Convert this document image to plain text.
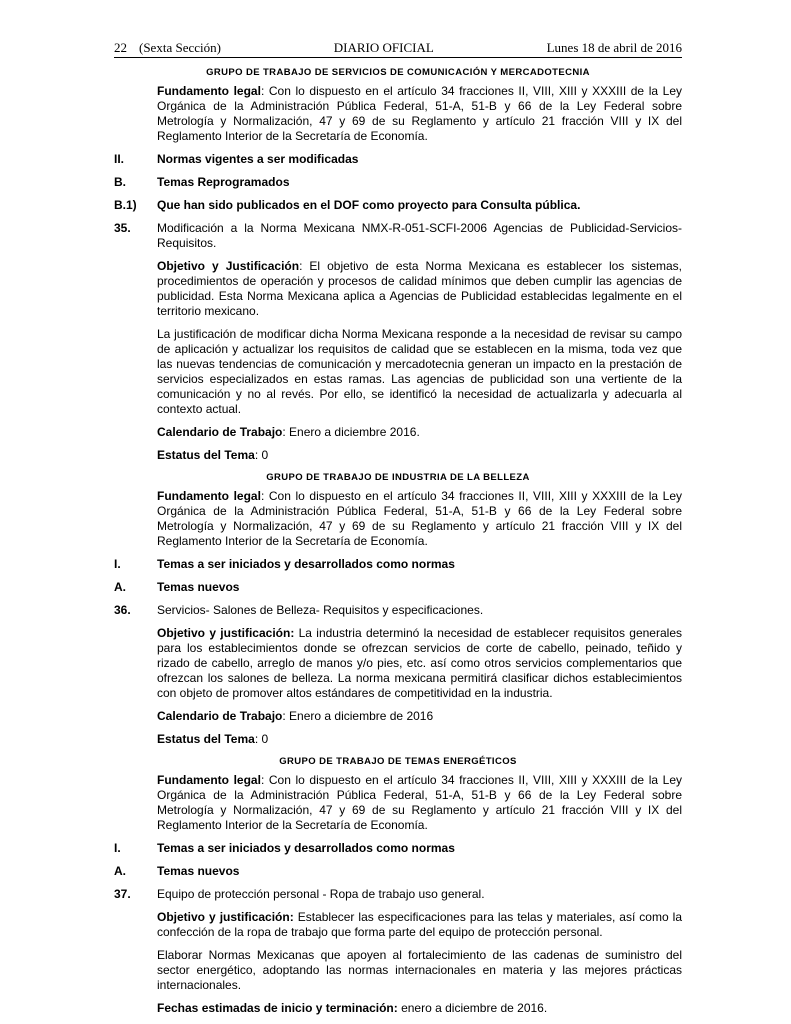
22 (Sexta Sección)	DIARIO OFICIAL	Lunes 18 de abril de 2016
GRUPO DE TRABAJO DE SERVICIOS DE COMUNICACIÓN Y MERCADOTECNIA
Fundamento legal: Con lo dispuesto en el artículo 34 fracciones II, VIII, XIII y XXXIII de la Ley Orgánica de la Administración Pública Federal, 51-A, 51-B y 66 de la Ley Federal sobre Metrología y Normalización, 47 y 69 de su Reglamento y artículo 21 fracción VIII y IX del Reglamento Interior de la Secretaría de Economía.
II.	Normas vigentes a ser modificadas
B.	Temas Reprogramados
B.1)	Que han sido publicados en el DOF como proyecto para Consulta pública.
35.	Modificación a la Norma Mexicana NMX-R-051-SCFI-2006 Agencias de Publicidad-Servicios-Requisitos.
Objetivo y Justificación: El objetivo de esta Norma Mexicana es establecer los sistemas, procedimientos de operación y procesos de calidad mínimos que deben cumplir las agencias de publicidad. Esta Norma Mexicana aplica a Agencias de Publicidad establecidas legalmente en el territorio mexicano.
La justificación de modificar dicha Norma Mexicana responde a la necesidad de revisar su campo de aplicación y actualizar los requisitos de calidad que se establecen en la misma, toda vez que las nuevas tendencias de comunicación y mercadotecnia generan un impacto en la prestación de servicios especializados en estas ramas. Las agencias de publicidad son una vertiente de la comunicación y no al revés. Por ello, se identificó la necesidad de actualizarla y adecuarla al contexto actual.
Calendario de Trabajo: Enero a diciembre 2016.
Estatus del Tema: 0
GRUPO DE TRABAJO DE INDUSTRIA DE LA BELLEZA
Fundamento legal: Con lo dispuesto en el artículo 34 fracciones II, VIII, XIII y XXXIII de la Ley Orgánica de la Administración Pública Federal, 51-A, 51-B y 66 de la Ley Federal sobre Metrología y Normalización, 47 y 69 de su Reglamento y artículo 21 fracción VIII y IX del Reglamento Interior de la Secretaría de Economía.
I.	Temas a ser iniciados y desarrollados como normas
A.	Temas nuevos
36.	Servicios- Salones de Belleza- Requisitos y especificaciones.
Objetivo y justificación: La industria determinó la necesidad de establecer requisitos generales para los establecimientos donde se ofrezcan servicios de corte de cabello, peinado, teñido y rizado de cabello, arreglo de manos y/o pies, etc. así como otros servicios complementarios que ofrezcan los salones de belleza. La norma mexicana permitirá clasificar dichos establecimientos con objeto de promover altos estándares de competitividad en la industria.
Calendario de Trabajo: Enero a diciembre de 2016
Estatus del Tema: 0
GRUPO DE TRABAJO DE TEMAS ENERGÉTICOS
Fundamento legal: Con lo dispuesto en el artículo 34 fracciones II, VIII, XIII y XXXIII de la Ley Orgánica de la Administración Pública Federal, 51-A, 51-B y 66 de la Ley Federal sobre Metrología y Normalización, 47 y 69 de su Reglamento y artículo 21 fracción VIII y IX del Reglamento Interior de la Secretaría de Economía.
I.	Temas a ser iniciados y desarrollados como normas
A.	Temas nuevos
37.	Equipo de protección personal - Ropa de trabajo uso general.
Objetivo y justificación: Establecer las especificaciones para las telas y materiales, así como la confección de la ropa de trabajo que forma parte del equipo de protección personal.
Elaborar Normas Mexicanas que apoyen al fortalecimiento de las cadenas de suministro del sector energético, adoptando las normas internacionales en materia y las mejores prácticas internacionales.
Fechas estimadas de inicio y terminación: enero a diciembre de 2016.
